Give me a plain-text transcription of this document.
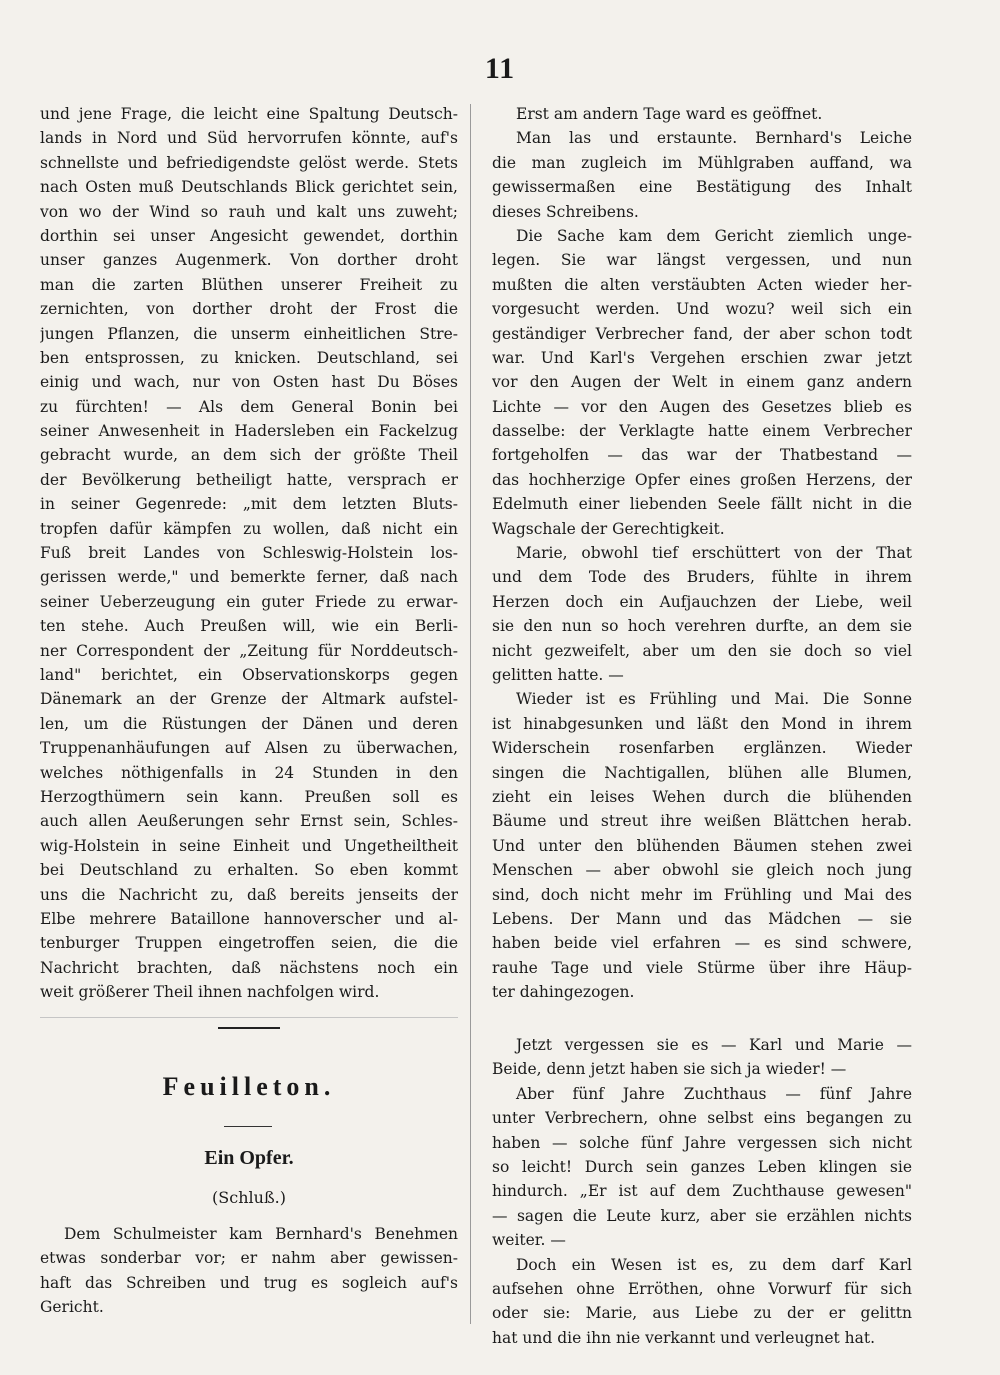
11
und jene Frage, die leicht eine Spaltung Deutsch-
lands in Nord und Süd hervorrufen könnte, auf's
schnellste und befriedigendste gelöst werde. Stets
nach Osten muß Deutschlands Blick gerichtet sein,
von wo der Wind so rauh und kalt uns zuweht;
dorthin sei unser Angesicht gewendet, dorthin
unser ganzes Augenmerk. Von dorther droht
man die zarten Blüthen unserer Freiheit zu
zernichten, von dorther droht der Frost die
jungen Pflanzen, die unserm einheitlichen Stre-
ben entsprossen, zu knicken. Deutschland, sei
einig und wach, nur von Osten hast Du Böses
zu fürchten! — Als dem General Bonin bei
seiner Anwesenheit in Hadersleben ein Fackelzug
gebracht wurde, an dem sich der größte Theil
der Bevölkerung betheiligt hatte, versprach er
in seiner Gegenrede: „mit dem letzten Bluts-
tropfen dafür kämpfen zu wollen, daß nicht ein
Fuß breit Landes von Schleswig-Holstein los-
gerissen werde," und bemerkte ferner, daß nach
seiner Ueberzeugung ein guter Friede zu erwar-
ten stehe. Auch Preußen will, wie ein Berli-
ner Correspondent der „Zeitung für Norddeutsch-
land" berichtet, ein Observationskorps gegen
Dänemark an der Grenze der Altmark aufstel-
len, um die Rüstungen der Dänen und deren
Truppenanhäufungen auf Alsen zu überwachen,
welches nöthigenfalls in 24 Stunden in den
Herzogthümern sein kann. Preußen soll es
auch allen Aeußerungen sehr Ernst sein, Schles-
wig-Holstein in seine Einheit und Ungetheiltheit
bei Deutschland zu erhalten. So eben kommt
uns die Nachricht zu, daß bereits jenseits der
Elbe mehrere Bataillone hannoverscher und al-
tenburger Truppen eingetroffen seien, die die
Nachricht brachten, daß nächstens noch ein
weit größerer Theil ihnen nachfolgen wird.
Feuilleton.
Ein Opfer.
(Schluß.)
Dem Schulmeister kam Bernhard's Benehmen
etwas sonderbar vor; er nahm aber gewissen-
haft das Schreiben und trug es sogleich auf's
Gericht.
Erst am andern Tage ward es geöffnet.
Man las und erstaunte. Bernhard's Leiche
die man zugleich im Mühlgraben auffand, wa
gewissermaßen eine Bestätigung des Inhalt
dieses Schreibens.
Die Sache kam dem Gericht ziemlich unge-
legen. Sie war längst vergessen, und nun
mußten die alten verstäubten Acten wieder her-
vorgesucht werden. Und wozu? weil sich ein
geständiger Verbrecher fand, der aber schon todt
war. Und Karl's Vergehen erschien zwar jetzt
vor den Augen der Welt in einem ganz andern
Lichte — vor den Augen des Gesetzes blieb es
dasselbe: der Verklagte hatte einem Verbrecher
fortgeholfen — das war der Thatbestand —
das hochherzige Opfer eines großen Herzens, der
Edelmuth einer liebenden Seele fällt nicht in die
Wagschale der Gerechtigkeit.
Marie, obwohl tief erschüttert von der That
und dem Tode des Bruders, fühlte in ihrem
Herzen doch ein Aufjauchzen der Liebe, weil
sie den nun so hoch verehren durfte, an dem sie
nicht gezweifelt, aber um den sie doch so viel
gelitten hatte. —
Wieder ist es Frühling und Mai. Die Sonne
ist hinabgesunken und läßt den Mond in ihrem
Widerschein rosenfarben erglänzen. Wieder
singen die Nachtigallen, blühen alle Blumen,
zieht ein leises Wehen durch die blühenden
Bäume und streut ihre weißen Blättchen herab.
Und unter den blühenden Bäumen stehen zwei
Menschen — aber obwohl sie gleich noch jung
sind, doch nicht mehr im Frühling und Mai des
Lebens. Der Mann und das Mädchen — sie
haben beide viel erfahren — es sind schwere,
rauhe Tage und viele Stürme über ihre Häup-
ter dahingezogen.
Jetzt vergessen sie es — Karl und Marie —
Beide, denn jetzt haben sie sich ja wieder! —
Aber fünf Jahre Zuchthaus — fünf Jahre
unter Verbrechern, ohne selbst eins begangen zu
haben — solche fünf Jahre vergessen sich nicht
so leicht! Durch sein ganzes Leben klingen sie
hindurch. „Er ist auf dem Zuchthause gewesen"
— sagen die Leute kurz, aber sie erzählen nichts
weiter. —
Doch ein Wesen ist es, zu dem darf Karl
aufsehen ohne Erröthen, ohne Vorwurf für sich
oder sie: Marie, aus Liebe zu der er gelittn
hat und die ihn nie verkannt und verleugnet hat.
